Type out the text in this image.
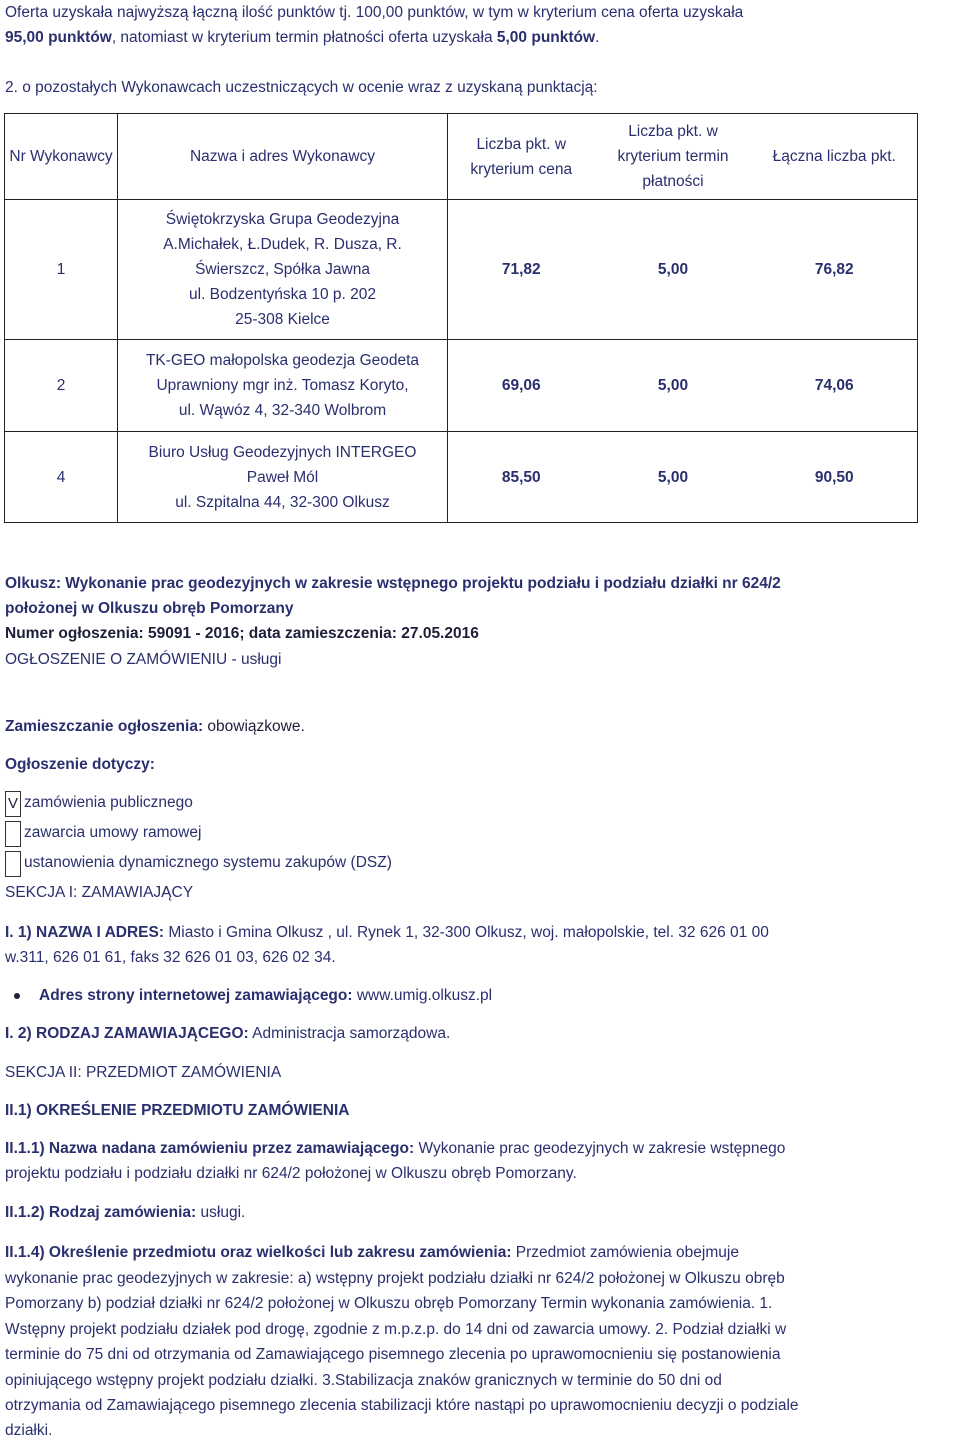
Oferta uzyskała najwyższą łączną ilość punktów tj. 100,00 punktów, w tym w kryterium cena oferta uzyskała
95,00 punktów, natomiast w kryterium termin płatności oferta uzyskała 5,00 punktów.
2. o pozostałych Wykonawcach uczestniczących w ocenie wraz z uzyskaną punktacją:
Nr Wykonawcy	Nazwa i adres Wykonawcy	Liczba pkt. w kryterium cena	Liczba pkt. w kryterium termin płatności	Łączna liczba pkt.
1	Świętokrzyska Grupa Geodezyjna
A.Michałek, Ł.Dudek, R. Dusza, R.
Świerszcz, Spółka Jawna
ul. Bodzentyńska 10 p. 202
25-308 Kielce	71,82	5,00	76,82
2	TK-GEO małopolska geodezja Geodeta
Uprawniony mgr inż. Tomasz Koryto,
ul. Wąwóz 4, 32-340 Wolbrom	69,06	5,00	74,06
4	Biuro Usług Geodezyjnych INTERGEO
Paweł Mól
ul. Szpitalna 44, 32-300 Olkusz	85,50	5,00	90,50
Olkusz: Wykonanie prac geodezyjnych w zakresie wstępnego projektu podziału i podziału działki nr 624/2
położonej w Olkuszu obręb Pomorzany
Numer ogłoszenia: 59091 - 2016; data zamieszczenia: 27.05.2016
OGŁOSZENIE O ZAMÓWIENIU - usługi
Zamieszczanie ogłoszenia: obowiązkowe.
Ogłoszenie dotyczy:
V zamówienia publicznego
zawarcia umowy ramowej
ustanowienia dynamicznego systemu zakupów (DSZ)
SEKCJA I: ZAMAWIAJĄCY
I. 1) NAZWA I ADRES: Miasto i Gmina Olkusz , ul. Rynek 1, 32-300 Olkusz, woj. małopolskie, tel. 32 626 01 00
w.311, 626 01 61, faks 32 626 01 03, 626 02 34.
Adres strony internetowej zamawiającego: www.umig.olkusz.pl
I. 2) RODZAJ ZAMAWIAJĄCEGO: Administracja samorządowa.
SEKCJA II: PRZEDMIOT ZAMÓWIENIA
II.1) OKREŚLENIE PRZEDMIOTU ZAMÓWIENIA
II.1.1) Nazwa nadana zamówieniu przez zamawiającego: Wykonanie prac geodezyjnych w zakresie wstępnego
projektu podziału i podziału działki nr 624/2 położonej w Olkuszu obręb Pomorzany.
II.1.2) Rodzaj zamówienia: usługi.
II.1.4) Określenie przedmiotu oraz wielkości lub zakresu zamówienia: Przedmiot zamówienia obejmuje
wykonanie prac geodezyjnych w zakresie: a) wstępny projekt podziału działki nr 624/2 położonej w Olkuszu obręb
Pomorzany b) podział działki nr 624/2 położonej w Olkuszu obręb Pomorzany Termin wykonania zamówienia. 1.
Wstępny projekt podziału działek pod drogę, zgodnie z m.p.z.p. do 14 dni od zawarcia umowy. 2. Podział działki w
terminie do 75 dni od otrzymania od Zamawiającego pisemnego zlecenia po uprawomocnieniu się postanowienia
opiniującego wstępny projekt podziału działki. 3.Stabilizacja znaków granicznych w terminie do 50 dni od
otrzymania od Zamawiającego pisemnego zlecenia stabilizacji które nastąpi po uprawomocnieniu decyzji o podziale
działki.
